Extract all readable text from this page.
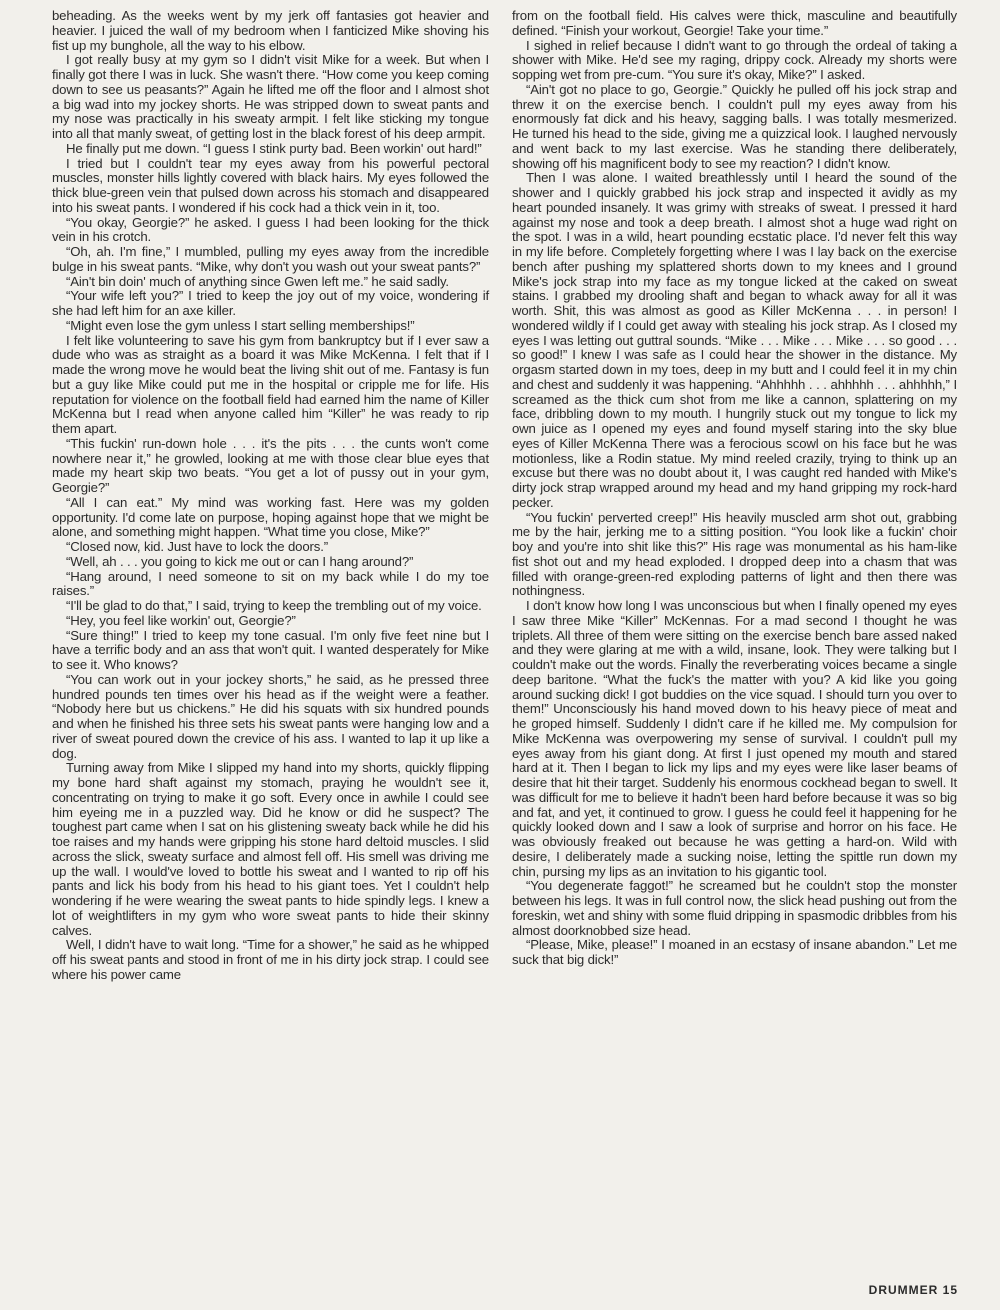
beheading. As the weeks went by my jerk off fantasies got heavier and heavier. I juiced the wall of my bedroom when I fanticized Mike shoving his fist up my bunghole, all the way to his elbow.

I got really busy at my gym so I didn't visit Mike for a week. But when I finally got there I was in luck. She wasn't there. “How come you keep coming down to see us peasants?” Again he lifted me off the floor and I almost shot a big wad into my jockey shorts. He was stripped down to sweat pants and my nose was practically in his sweaty armpit. I felt like sticking my tongue into all that manly sweat, of getting lost in the black forest of his deep armpit.

He finally put me down. “I guess I stink purty bad. Been workin' out hard!”

I tried but I couldn't tear my eyes away from his powerful pectoral muscles, monster hills lightly covered with black hairs. My eyes followed the thick blue-green vein that pulsed down across his stomach and disappeared into his sweat pants. I wondered if his cock had a thick vein in it, too.

“You okay, Georgie?” he asked. I guess I had been looking for the thick vein in his crotch.

“Oh, ah. I'm fine,” I mumbled, pulling my eyes away from the incredible bulge in his sweat pants. “Mike, why don't you wash out your sweat pants?”

“Ain't bin doin' much of anything since Gwen left me.” he said sadly.

“Your wife left you?” I tried to keep the joy out of my voice, wondering if she had left him for an axe killer.

“Might even lose the gym unless I start selling memberships!”

I felt like volunteering to save his gym from bankruptcy but if I ever saw a dude who was as straight as a board it was Mike McKenna. I felt that if I made the wrong move he would beat the living shit out of me. Fantasy is fun but a guy like Mike could put me in the hospital or cripple me for life. His reputation for violence on the football field had earned him the name of Killer McKenna but I read when anyone called him “Killer” he was ready to rip them apart.

“This fuckin' run-down hole . . . it's the pits . . . the cunts won't come nowhere near it,” he growled, looking at me with those clear blue eyes that made my heart skip two beats. “You get a lot of pussy out in your gym, Georgie?”

“All I can eat.” My mind was working fast. Here was my golden opportunity. I'd come late on purpose, hoping against hope that we might be alone, and something might happen. “What time you close, Mike?”

“Closed now, kid. Just have to lock the doors.”

“Well, ah . . . you going to kick me out or can I hang around?”

“Hang around, I need someone to sit on my back while I do my toe raises.”

“I'll be glad to do that,” I said, trying to keep the trembling out of my voice.

“Hey, you feel like workin' out, Georgie?”

“Sure thing!” I tried to keep my tone casual. I'm only five feet nine but I have a terrific body and an ass that won't quit. I wanted desperately for Mike to see it. Who knows?

“You can work out in your jockey shorts,” he said, as he pressed three hundred pounds ten times over his head as if the weight were a feather. “Nobody here but us chickens.” He did his squats with six hundred pounds and when he finished his three sets his sweat pants were hanging low and a river of sweat poured down the crevice of his ass. I wanted to lap it up like a dog.

Turning away from Mike I slipped my hand into my shorts, quickly flipping my bone hard shaft against my stomach, praying he wouldn't see it, concentrating on trying to make it go soft. Every once in awhile I could see him eyeing me in a puzzled way. Did he know or did he suspect? The toughest part came when I sat on his glistening sweaty back while he did his toe raises and my hands were gripping his stone hard deltoid muscles. I slid across the slick, sweaty surface and almost fell off. His smell was driving me up the wall. I would've loved to bottle his sweat and I wanted to rip off his pants and lick his body from his head to his giant toes. Yet I couldn't help wondering if he were wearing the sweat pants to hide spindly legs. I knew a lot of weightlifters in my gym who wore sweat pants to hide their skinny calves.

Well, I didn't have to wait long. “Time for a shower,” he said as he whipped off his sweat pants and stood in front of me in his dirty jock strap. I could see where his power came

from on the football field. His calves were thick, masculine and beautifully defined. “Finish your workout, Georgie! Take your time.”

I sighed in relief because I didn't want to go through the ordeal of taking a shower with Mike. He'd see my raging, drippy cock. Already my shorts were sopping wet from pre-cum. “You sure it's okay, Mike?” I asked.

“Ain't got no place to go, Georgie.” Quickly he pulled off his jock strap and threw it on the exercise bench. I couldn't pull my eyes away from his enormously fat dick and his heavy, sagging balls. I was totally mesmerized. He turned his head to the side, giving me a quizzical look. I laughed nervously and went back to my last exercise. Was he standing there deliberately, showing off his magnificent body to see my reaction? I didn't know.

Then I was alone. I waited breathlessly until I heard the sound of the shower and I quickly grabbed his jock strap and inspected it avidly as my heart pounded insanely. It was grimy with streaks of sweat. I pressed it hard against my nose and took a deep breath. I almost shot a huge wad right on the spot. I was in a wild, heart pounding ecstatic place. I'd never felt this way in my life before. Completely forgetting where I was I lay back on the exercise bench after pushing my splattered shorts down to my knees and I ground Mike's jock strap into my face as my tongue licked at the caked on sweat stains. I grabbed my drooling shaft and began to whack away for all it was worth. Shit, this was almost as good as Killer McKenna . . . in person! I wondered wildly if I could get away with stealing his jock strap. As I closed my eyes I was letting out guttral sounds. “Mike . . . Mike . . . Mike . . . so good . . . so good!” I knew I was safe as I could hear the shower in the distance. My orgasm started down in my toes, deep in my butt and I could feel it in my chin and chest and suddenly it was happening. “Ahhhhh . . . ahhhhh . . . ahhhhh,” I screamed as the thick cum shot from me like a cannon, splattering on my face, dribbling down to my mouth. I hungrily stuck out my tongue to lick my own juice as I opened my eyes and found myself staring into the sky blue eyes of Killer McKenna There was a ferocious scowl on his face but he was motionless, like a Rodin statue. My mind reeled crazily, trying to think up an excuse but there was no doubt about it, I was caught red handed with Mike's dirty jock strap wrapped around my head and my hand gripping my rock-hard pecker.

“You fuckin' perverted creep!” His heavily muscled arm shot out, grabbing me by the hair, jerking me to a sitting position. “You look like a fuckin' choir boy and you're into shit like this?” His rage was monumental as his ham-like fist shot out and my head exploded. I dropped deep into a chasm that was filled with orange-green-red exploding patterns of light and then there was nothingness.

I don't know how long I was unconscious but when I finally opened my eyes I saw three Mike “Killer” McKennas. For a mad second I thought he was triplets. All three of them were sitting on the exercise bench bare assed naked and they were glaring at me with a wild, insane, look. They were talking but I couldn't make out the words. Finally the reverberating voices became a single deep baritone. “What the fuck's the matter with you? A kid like you going around sucking dick! I got buddies on the vice squad. I should turn you over to them!” Unconsciously his hand moved down to his heavy piece of meat and he groped himself. Suddenly I didn't care if he killed me. My compulsion for Mike McKenna was overpowering my sense of survival. I couldn't pull my eyes away from his giant dong. At first I just opened my mouth and stared hard at it. Then I began to lick my lips and my eyes were like laser beams of desire that hit their target. Suddenly his enormous cockhead began to swell. It was difficult for me to believe it hadn't been hard before because it was so big and fat, and yet, it continued to grow. I guess he could feel it happening for he quickly looked down and I saw a look of surprise and horror on his face. He was obviously freaked out because he was getting a hard-on. Wild with desire, I deliberately made a sucking noise, letting the spittle run down my chin, pursing my lips as an invitation to his gigantic tool.

“You degenerate faggot!” he screamed but he couldn't stop the monster between his legs. It was in full control now, the slick head pushing out from the foreskin, wet and shiny with some fluid dripping in spasmodic dribbles from his almost doorknobbed size head.

“Please, Mike, please!” I moaned in an ecstasy of insane abandon.” Let me suck that big dick!”

DRUMMER 15
